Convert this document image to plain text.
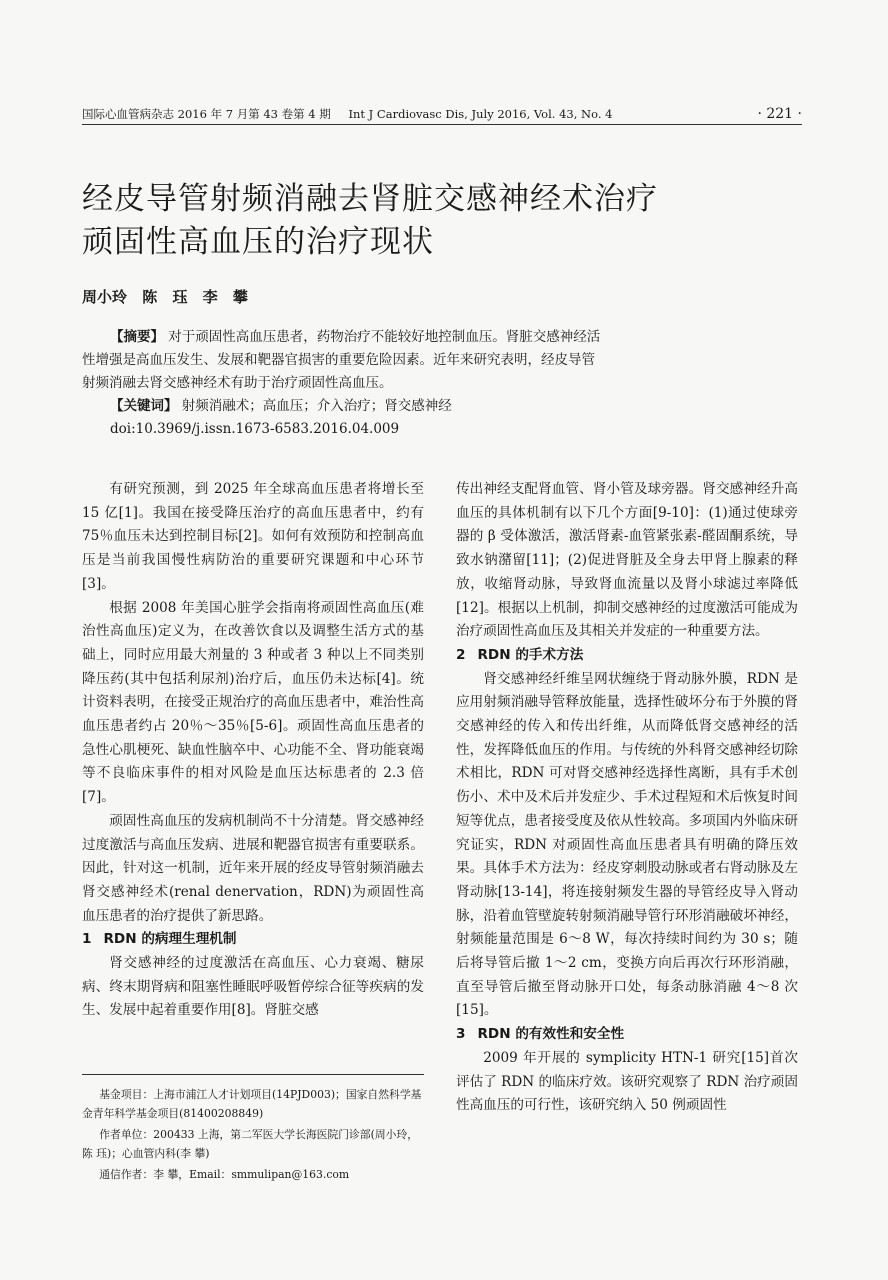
国际心血管病杂志 2016 年 7 月第 43 卷第 4 期 Int J Cardiovasc Dis, July 2016, Vol. 43, No. 4	· 221 ·
经皮导管射频消融去肾脏交感神经术治疗
顽固性高血压的治疗现状
周小玲 陈 珏 李 攀
【摘要】 对于顽固性高血压患者，药物治疗不能较好地控制血压。肾脏交感神经活
性增强是高血压发生、发展和靶器官损害的重要危险因素。近年来研究表明，经皮导管
射频消融去肾交感神经术有助于治疗顽固性高血压。
【关键词】 射频消融术；高血压；介入治疗；肾交感神经
doi:10.3969/j.issn.1673-6583.2016.04.009

有研究预测，到 2025 年全球高血压患者将增长至 15 亿[1]。我国在接受降压治疗的高血压患者中，约有 75％血压未达到控制目标[2]。如何有效预防和控制高血压是当前我国慢性病防治的重要研究课题和中心环节[3]。

根据 2008 年美国心脏学会指南将顽固性高血压(难治性高血压)定义为，在改善饮食以及调整生活方式的基础上，同时应用最大剂量的 3 种或者 3 种以上不同类别降压药(其中包括利尿剂)治疗后，血压仍未达标[4]。统计资料表明，在接受正规治疗的高血压患者中，难治性高血压患者约占 20％～35％[5-6]。顽固性高血压患者的急性心肌梗死、缺血性脑卒中、心功能不全、肾功能衰竭等不良临床事件的相对风险是血压达标患者的 2.3 倍[7]。

顽固性高血压的发病机制尚不十分清楚。肾交感神经过度激活与高血压发病、进展和靶器官损害有重要联系。因此，针对这一机制，近年来开展的经皮导管射频消融去肾交感神经术(renal denervation，RDN)为顽固性高血压患者的治疗提供了新思路。

1 RDN 的病理生理机制

肾交感神经的过度激活在高血压、心力衰竭、糖尿病、终末期肾病和阻塞性睡眠呼吸暂停综合征等疾病的发生、发展中起着重要作用[8]。肾脏交感

传出神经支配肾血管、肾小管及球旁器。肾交感神经升高血压的具体机制有以下几个方面[9-10]：(1)通过使球旁器的 β 受体激活，激活肾素-血管紧张素-醛固酮系统，导致水钠潴留[11]；(2)促进肾脏及全身去甲肾上腺素的释放，收缩肾动脉，导致肾血流量以及肾小球滤过率降低[12]。根据以上机制，抑制交感神经的过度激活可能成为治疗顽固性高血压及其相关并发症的一种重要方法。

2 RDN 的手术方法

肾交感神经纤维呈网状缠绕于肾动脉外膜，RDN 是应用射频消融导管释放能量，选择性破坏分布于外膜的肾交感神经的传入和传出纤维，从而降低肾交感神经的活性，发挥降低血压的作用。与传统的外科肾交感神经切除术相比，RDN 可对肾交感神经选择性离断，具有手术创伤小、术中及术后并发症少、手术过程短和术后恢复时间短等优点，患者接受度及依从性较高。多项国内外临床研究证实，RDN 对顽固性高血压患者具有明确的降压效果。具体手术方法为：经皮穿刺股动脉或者右肾动脉及左肾动脉[13-14]，将连接射频发生器的导管经皮导入肾动脉，沿着血管壁旋转射频消融导管行环形消融破坏神经，射频能量范围是 6～8 W，每次持续时间约为 30 s；随后将导管后撤 1～2 cm，变换方向后再次行环形消融，直至导管后撤至肾动脉开口处，每条动脉消融 4～8 次[15]。

3 RDN 的有效性和安全性

2009 年开展的 symplicity HTN-1 研究[15]首次评估了 RDN 的临床疗效。该研究观察了 RDN 治疗顽固性高血压的可行性，该研究纳入 50 例顽固性

基金项目：上海市浦江人才计划项目(14PJD003)；国家自然科学基金青年科学基金项目(81400208849)

作者单位：200433 上海，第二军医大学长海医院门诊部(周小玲，陈 珏)；心血管内科(李 攀)

通信作者：李 攀，Email：smmulipan@163.com
